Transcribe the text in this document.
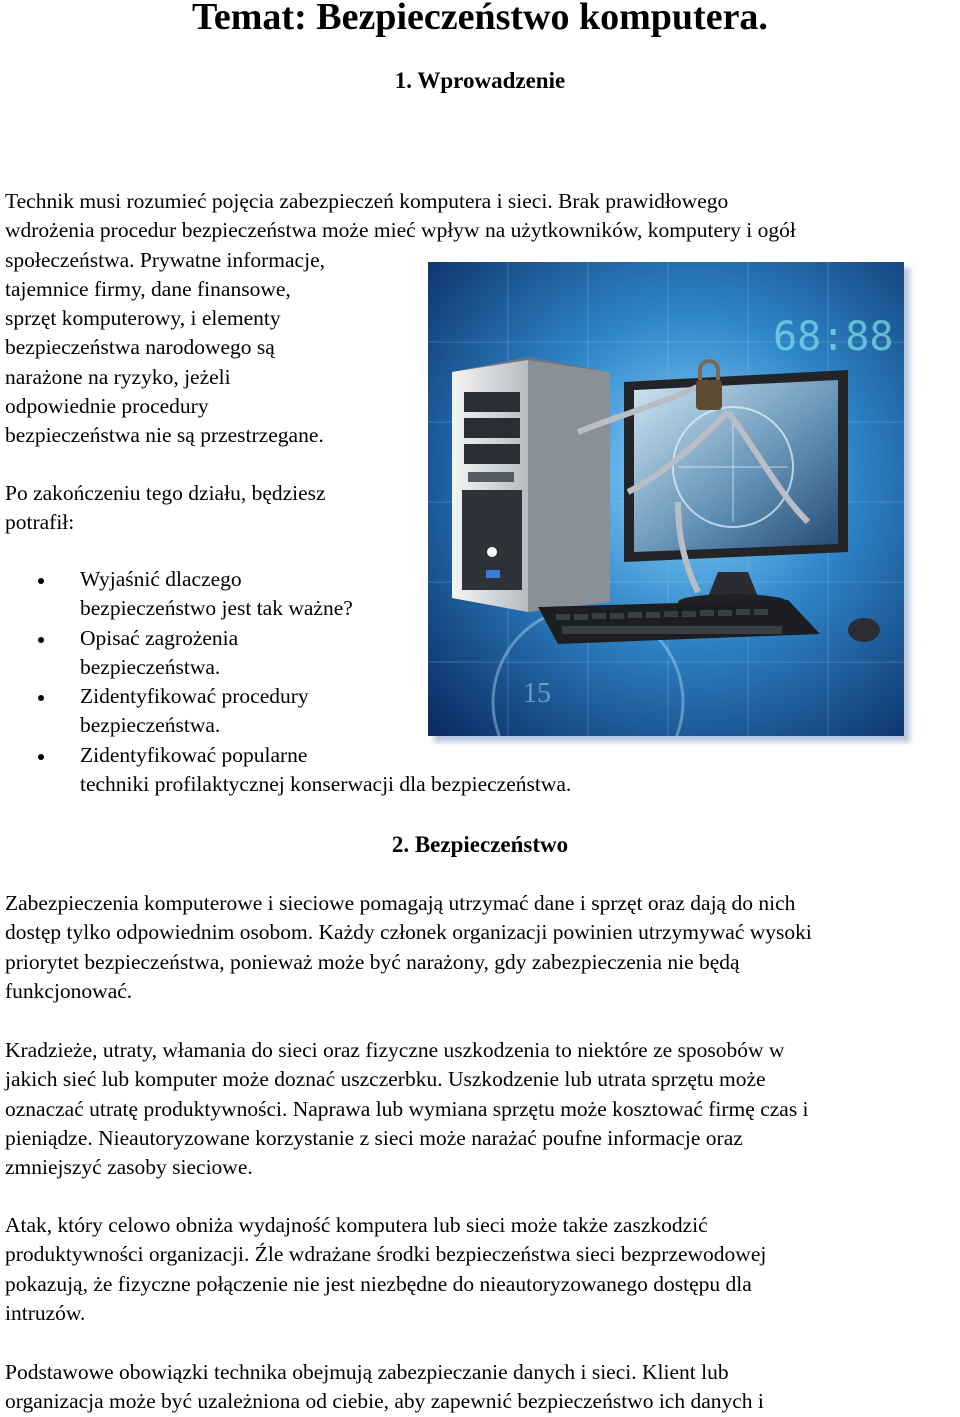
Temat: Bezpieczeństwo komputera.
1. Wprowadzenie
Technik musi rozumieć pojęcia zabezpieczeń komputera i sieci. Brak prawidłowego
wdrożenia procedur bezpieczeństwa może mieć wpływ na użytkowników, komputery i ogół
społeczeństwa. Prywatne informacje,
tajemnice firmy, dane finansowe,
sprzęt komputerowy, i elementy
bezpieczeństwa narodowego są
narażone na ryzyko, jeżeli
odpowiednie procedury
bezpieczeństwa nie są przestrzegane.
Po zakończeniu tego działu, będziesz
potrafił:
Wyjaśnić dlaczego
bezpieczeństwo jest tak ważne?
Opisać zagrożenia
bezpieczeństwa.
Zidentyfikować procedury
bezpieczeństwa.
Zidentyfikować popularne
techniki profilaktycznej konserwacji dla bezpieczeństwa.
15
68:88
2. Bezpieczeństwo
Zabezpieczenia komputerowe i sieciowe pomagają utrzymać dane i sprzęt oraz dają do nich
dostęp tylko odpowiednim osobom. Każdy członek organizacji powinien utrzymywać wysoki
priorytet bezpieczeństwa, ponieważ może być narażony, gdy zabezpieczenia nie będą
funkcjonować.
Kradzieże, utraty, włamania do sieci oraz fizyczne uszkodzenia to niektóre ze sposobów w
jakich sieć lub komputer może doznać uszczerbku. Uszkodzenie lub utrata sprzętu może
oznaczać utratę produktywności. Naprawa lub wymiana sprzętu może kosztować firmę czas i
pieniądze. Nieautoryzowane korzystanie z sieci może narażać poufne informacje oraz
zmniejszyć zasoby sieciowe.
Atak, który celowo obniża wydajność komputera lub sieci może także zaszkodzić
produktywności organizacji. Źle wdrażane środki bezpieczeństwa sieci bezprzewodowej
pokazują, że fizyczne połączenie nie jest niezbędne do nieautoryzowanego dostępu dla
intruzów.
Podstawowe obowiązki technika obejmują zabezpieczanie danych i sieci. Klient lub
organizacja może być uzależniona od ciebie, aby zapewnić bezpieczeństwo ich danych i
